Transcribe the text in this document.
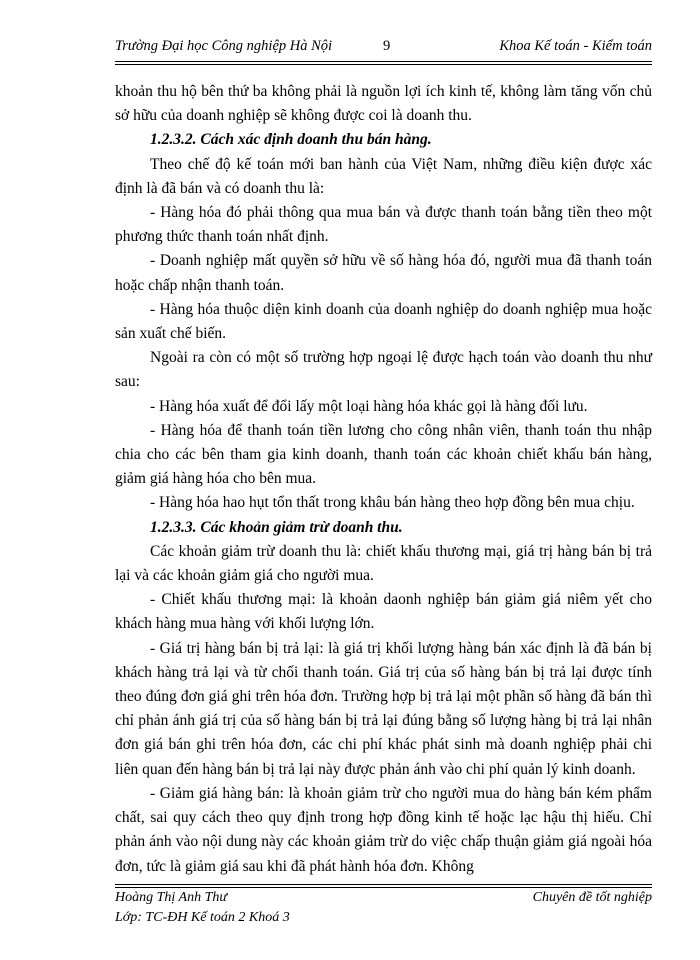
Trường Đại học Công nghiệp Hà Nội	9	Khoa Kế toán - Kiểm toán

khoản thu hộ bên thứ ba không phải là nguồn lợi ích kinh tế, không làm tăng vốn chủ sở hữu của doanh nghiệp sẽ không được coi là doanh thu.

1.2.3.2. Cách xác định doanh thu bán hàng.

Theo chế độ kế toán mới ban hành của Việt Nam, những điều kiện được xác định là đã bán và có doanh thu là:

- Hàng hóa đó phải thông qua mua bán và được thanh toán bằng tiền theo một phương thức thanh toán nhất định.

- Doanh nghiệp mất quyền sở hữu về số hàng hóa đó, người mua đã thanh toán hoặc chấp nhận thanh toán.

- Hàng hóa thuộc diện kinh doanh của doanh nghiệp do doanh nghiệp mua hoặc sản xuất chế biến.

Ngoài ra còn có một số trường hợp ngoại lệ được hạch toán vào doanh thu như sau:

- Hàng hóa xuất để đổi lấy một loại hàng hóa khác gọi là hàng đối lưu.

- Hàng hóa để thanh toán tiền lương cho công nhân viên, thanh toán thu nhập chia cho các bên tham gia kinh doanh, thanh toán các khoản chiết khấu bán hàng, giảm giá hàng hóa cho bên mua.

- Hàng hóa hao hụt tổn thất trong khâu bán hàng theo hợp đồng bên mua chịu.

1.2.3.3. Các khoản giảm trừ doanh thu.

Các khoản giảm trừ doanh thu là: chiết khấu thương mại, giá trị hàng bán bị trả lại và các khoản giảm giá cho người mua.

- Chiết khấu thương mại: là khoản daonh nghiệp bán giảm giá niêm yết cho khách hàng mua hàng với khối lượng lớn.

- Giá trị hàng bán bị trả lại: là giá trị khối lượng hàng bán xác định là đã bán bị khách hàng trả lại và từ chối thanh toán. Giá trị của số hàng bán bị trả lại được tính theo đúng đơn giá ghi trên hóa đơn. Trường hợp bị trả lại một phần số hàng đã bán thì chỉ phản ánh giá trị của số hàng bán bị trả lại đúng bằng số lượng hàng bị trả lại nhân đơn giá bán ghi trên hóa đơn, các chi phí khác phát sinh mà doanh nghiệp phải chi liên quan đến hàng bán bị trả lại này được phản ánh vào chi phí quản lý kinh doanh.

- Giảm giá hàng bán: là khoản giảm trừ cho người mua do hàng bán kém phẩm chất, sai quy cách theo quy định trong hợp đồng kinh tế hoặc lạc hậu thị hiếu. Chỉ phản ánh vào nội dung này các khoản giảm trừ do việc chấp thuận giảm giá ngoài hóa đơn, tức là giảm giá sau khi đã phát hành hóa đơn. Không

Hoàng Thị Anh Thư	Chuyên đề tốt nghiệp
Lớp: TC-ĐH Kế toán 2 Khoá 3
